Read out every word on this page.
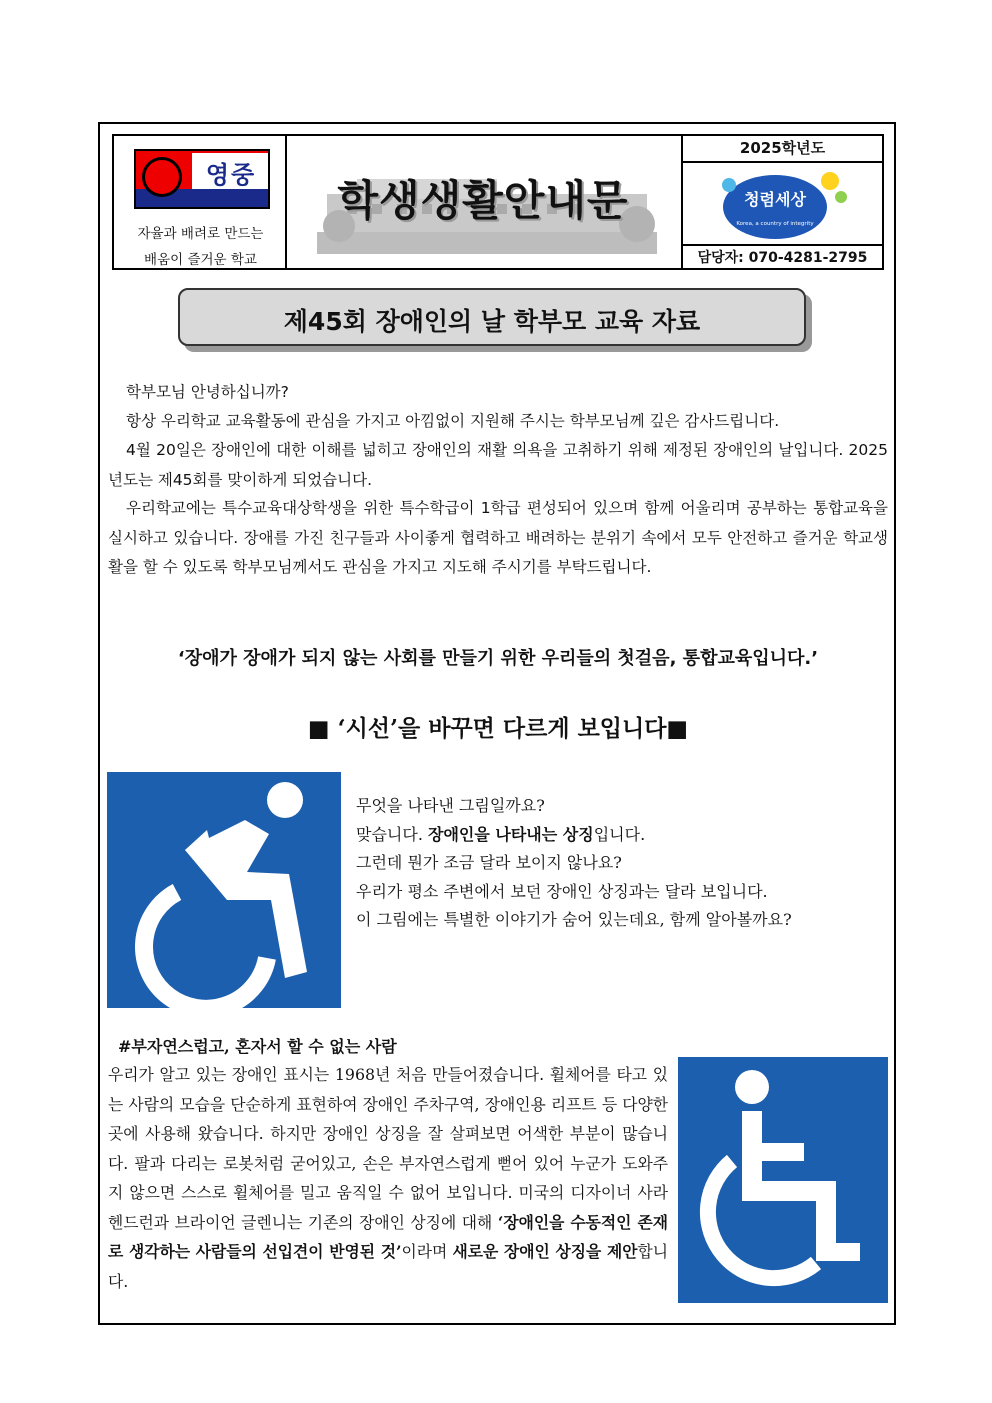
영중
자율과 배려로 만드는
배움이 즐거운 학교
학생생활안내문
2025학년도
청렴세상
Korea, a country of integrity
담당자: 070-4281-2795
제45회 장애인의 날 학부모 교육 자료

학부모님 안녕하십니까?

항상 우리학교 교육활동에 관심을 가지고 아낌없이 지원해 주시는 학부모님께 깊은 감사드립니다.

4월 20일은 장애인에 대한 이해를 넓히고 장애인의 재활 의욕을 고취하기 위해 제정된 장애인의 날입니다. 2025년도는 제45회를 맞이하게 되었습니다.

우리학교에는 특수교육대상학생을 위한 특수학급이 1학급 편성되어 있으며 함께 어울리며 공부하는 통합교육을 실시하고 있습니다. 장애를 가진 친구들과 사이좋게 협력하고 배려하는 분위기 속에서 모두 안전하고 즐거운 학교생활을 할 수 있도록 학부모님께서도 관심을 가지고 지도해 주시기를 부탁드립니다.

‘장애가 장애가 되지 않는 사회를 만들기 위한 우리들의 첫걸음, 통합교육입니다.’
■ ‘시선’을 바꾸면 다르게 보입니다■
무엇을 나타낸 그림일까요?
맞습니다. 장애인을 나타내는 상징입니다.
그런데 뭔가 조금 달라 보이지 않나요?
우리가 평소 주변에서 보던 장애인 상징과는 달라 보입니다.
이 그림에는 특별한 이야기가 숨어 있는데요, 함께 알아볼까요?
#부자연스럽고, 혼자서 할 수 없는 사람

우리가 알고 있는 장애인 표시는 1968년 처음 만들어졌습니다. 휠체어를 타고 있는 사람의 모습을 단순하게 표현하여 장애인 주차구역, 장애인용 리프트 등 다양한 곳에 사용해 왔습니다. 하지만 장애인 상징을 잘 살펴보면 어색한 부분이 많습니다. 팔과 다리는 로봇처럼 굳어있고, 손은 부자연스럽게 뻗어 있어 누군가 도와주지 않으면 스스로 휠체어를 밀고 움직일 수 없어 보입니다. 미국의 디자이너 사라 헨드런과 브라이언 글렌니는 기존의 장애인 상징에 대해 ‘장애인을 수동적인 존재로 생각하는 사람들의 선입견이 반영된 것’이라며 새로운 장애인 상징을 제안합니다.
